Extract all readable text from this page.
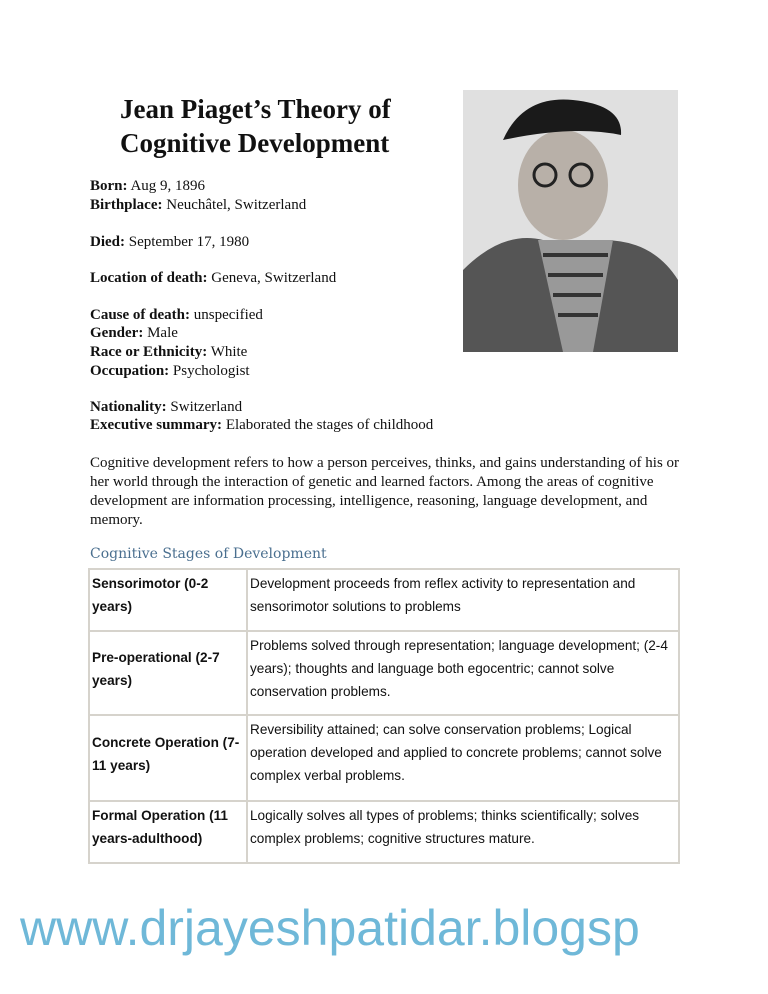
Jean Piaget’s Theory of
Cognitive Development
Born: Aug 9, 1896
Birthplace: Neuchâtel, Switzerland
Died: September 17, 1980
Location of death: Geneva, Switzerland
Cause of death: unspecified
Gender: Male
Race or Ethnicity: White
Occupation: Psychologist
Nationality: Switzerland
Executive summary: Elaborated the stages of childhood
Cognitive development refers to how a person perceives, thinks, and gains understanding of his or her world through the interaction of genetic and learned factors. Among the areas of cognitive development are information processing, intelligence, reasoning, language development, and memory.
Cognitive Stages of Development
Sensorimotor (0-2 years)	Development proceeds from reflex activity to representation and sensorimotor solutions to problems
Pre-operational (2-7 years)	Problems solved through representation; language development; (2-4 years); thoughts and language both egocentric; cannot solve conservation problems.
Concrete Operation (7-11 years)	Reversibility attained; can solve conservation problems; Logical operation developed and applied to concrete problems; cannot solve complex verbal problems.
Formal Operation (11 years-adulthood)	Logically solves all types of problems; thinks scientifically; solves complex problems; cognitive structures mature.
www.drjayeshpatidar.blogsp
